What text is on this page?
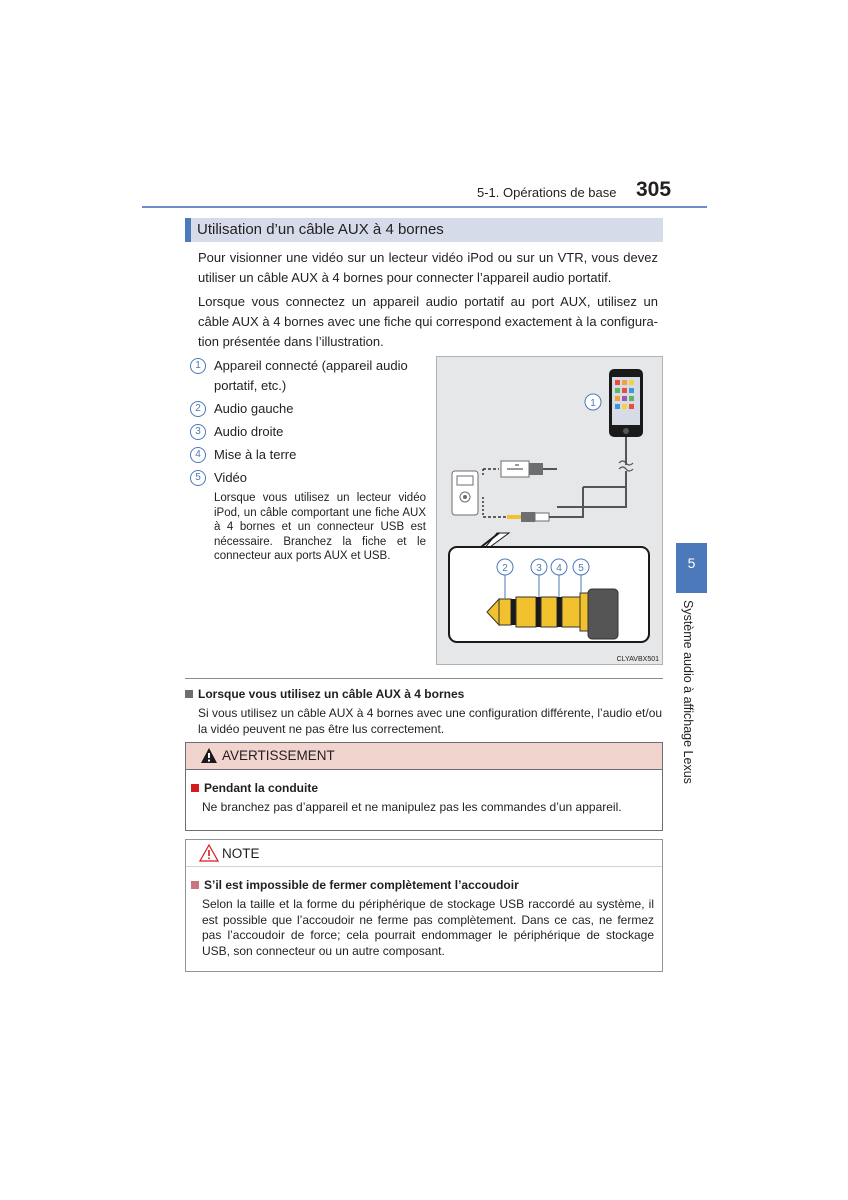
5-1. Opérations de base 305
5
Système audio à affichage Lexus
Utilisation d’un câble AUX à 4 bornes
Pour visionner une vidéo sur un lecteur vidéo iPod ou sur un VTR, vous devez utiliser un câble AUX à 4 bornes pour connecter l’appareil audio portatif.
Lorsque vous connectez un appareil audio portatif au port AUX, utilisez un câble AUX à 4 bornes avec une fiche qui correspond exactement à la configura-tion présentée dans l’illustration.
1	Appareil connecté (appareil audio portatif, etc.)
2	Audio gauche
3	Audio droite
4	Mise à la terre
5	Vidéo
Lorsque vous utilisez un lecteur vidéo iPod, un câble comportant une fiche AUX à 4 bornes et un connecteur USB est nécessaire. Branchez la fiche et le connecteur aux ports AUX et USB.
1
2	3 4 5
CLYAVBX501
Lorsque vous utilisez un câble AUX à 4 bornes
Si vous utilisez un câble AUX à 4 bornes avec une configuration différente, l’audio et/ou la vidéo peuvent ne pas être lus correctement.
AVERTISSEMENT
Pendant la conduite
Ne branchez pas d’appareil et ne manipulez pas les commandes d’un appareil.
NOTE
S’il est impossible de fermer complètement l’accoudoir
Selon la taille et la forme du périphérique de stockage USB raccordé au système, il est possible que l’accoudoir ne ferme pas complètement. Dans ce cas, ne fermez pas l’accoudoir de force; cela pourrait endommager le périphérique de stockage USB, son connecteur ou un autre composant.
